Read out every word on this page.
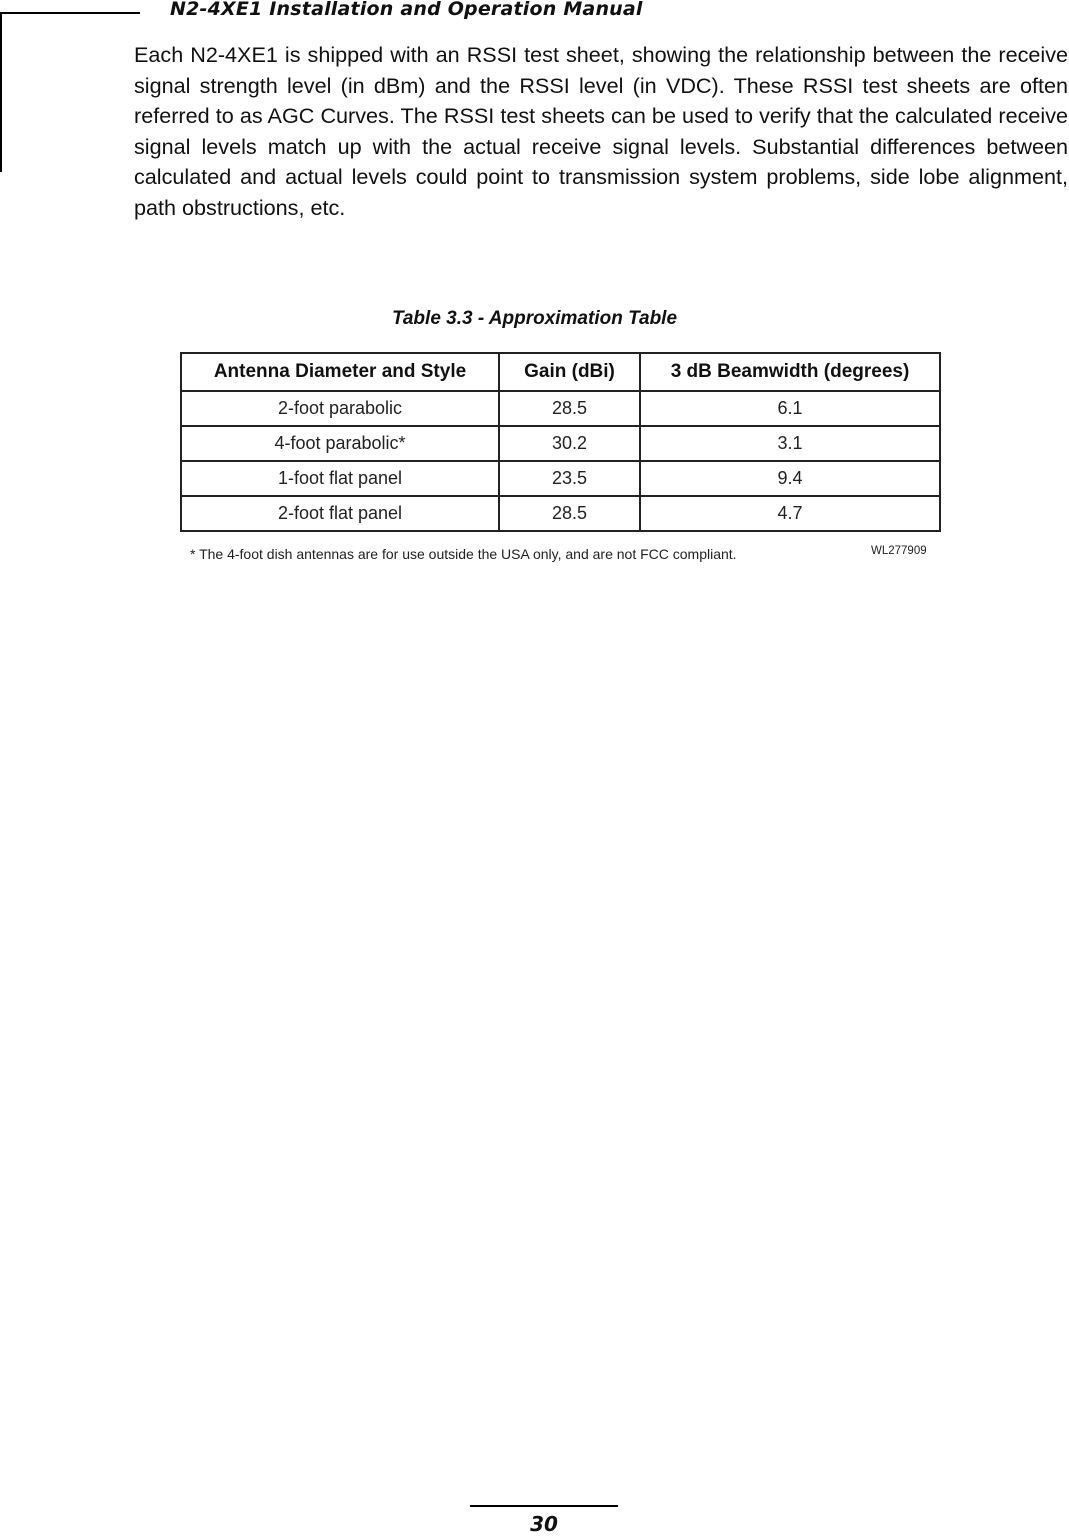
N2-4XE1 Installation and Operation Manual

Each N2-4XE1 is shipped with an RSSI test sheet, showing the relationship between the receive signal strength level (in dBm) and the RSSI level (in VDC). These RSSI test sheets are often referred to as AGC Curves. The RSSI test sheets can be used to verify that the calculated receive signal levels match up with the actual receive signal levels. Substantial differences between calculated and actual levels could point to transmission system problems, side lobe alignment, path obstructions, etc.

Table 3.3 - Approximation Table
Antenna Diameter and Style	Gain (dBi)	3 dB Beamwidth (degrees)
2-foot parabolic	28.5	6.1
4-foot parabolic*	30.2	3.1
1-foot flat panel	23.5	9.4
2-foot flat panel	28.5	4.7
* The 4-foot dish antennas are for use outside the USA only, and are not FCC compliant.	WL277909
30
